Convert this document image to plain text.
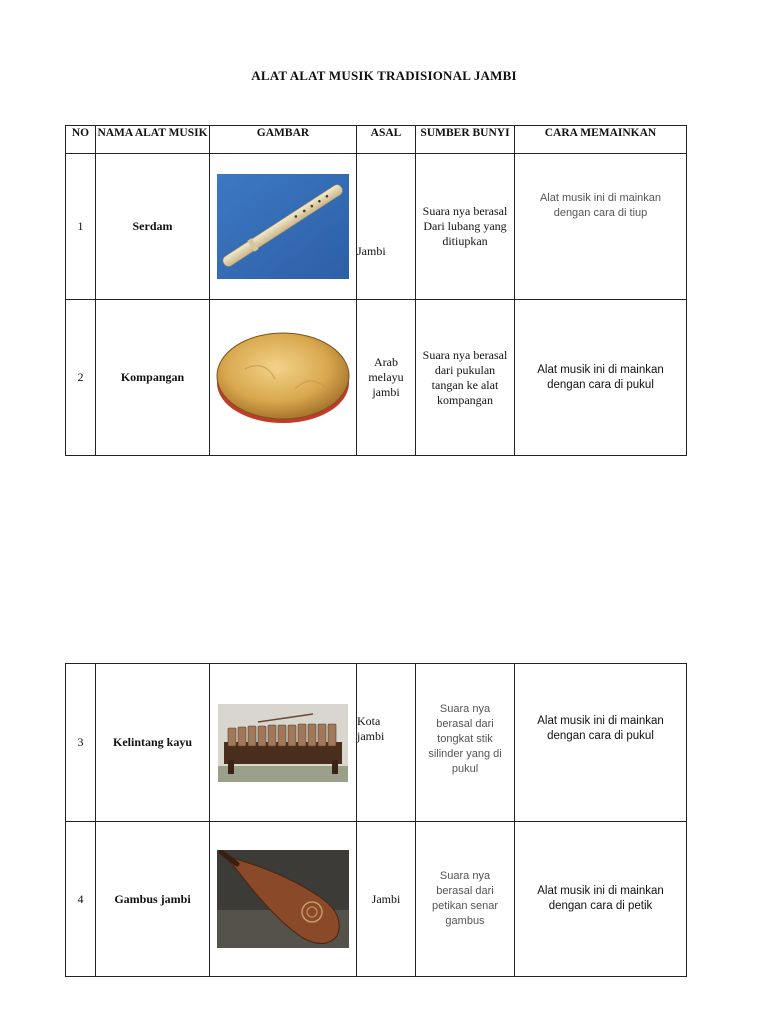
ALAT ALAT MUSIK TRADISIONAL JAMBI
NO	NAMA ALAT MUSIK	GAMBAR	ASAL	SUMBER BUNYI	CARA MEMAINKAN
1	Serdam		Jambi	Suara nya berasal Dari lubang yang ditiupkan	Alat musik ini di mainkan dengan cara di tiup

2	Kompangan		Arab melayu jambi	Suara nya berasal dari pukulan tangan ke alat kompangan	Alat musik ini di mainkan dengan cara di pukul
3	Kelintang kayu		Kota jambi	Suara nya berasal dari tongkat stik silinder yang di pukul	Alat musik ini di mainkan dengan cara di pukul

4	Gambus jambi		Jambi	Suara nya berasal dari petikan senar gambus	Alat musik ini di mainkan dengan cara di petik
